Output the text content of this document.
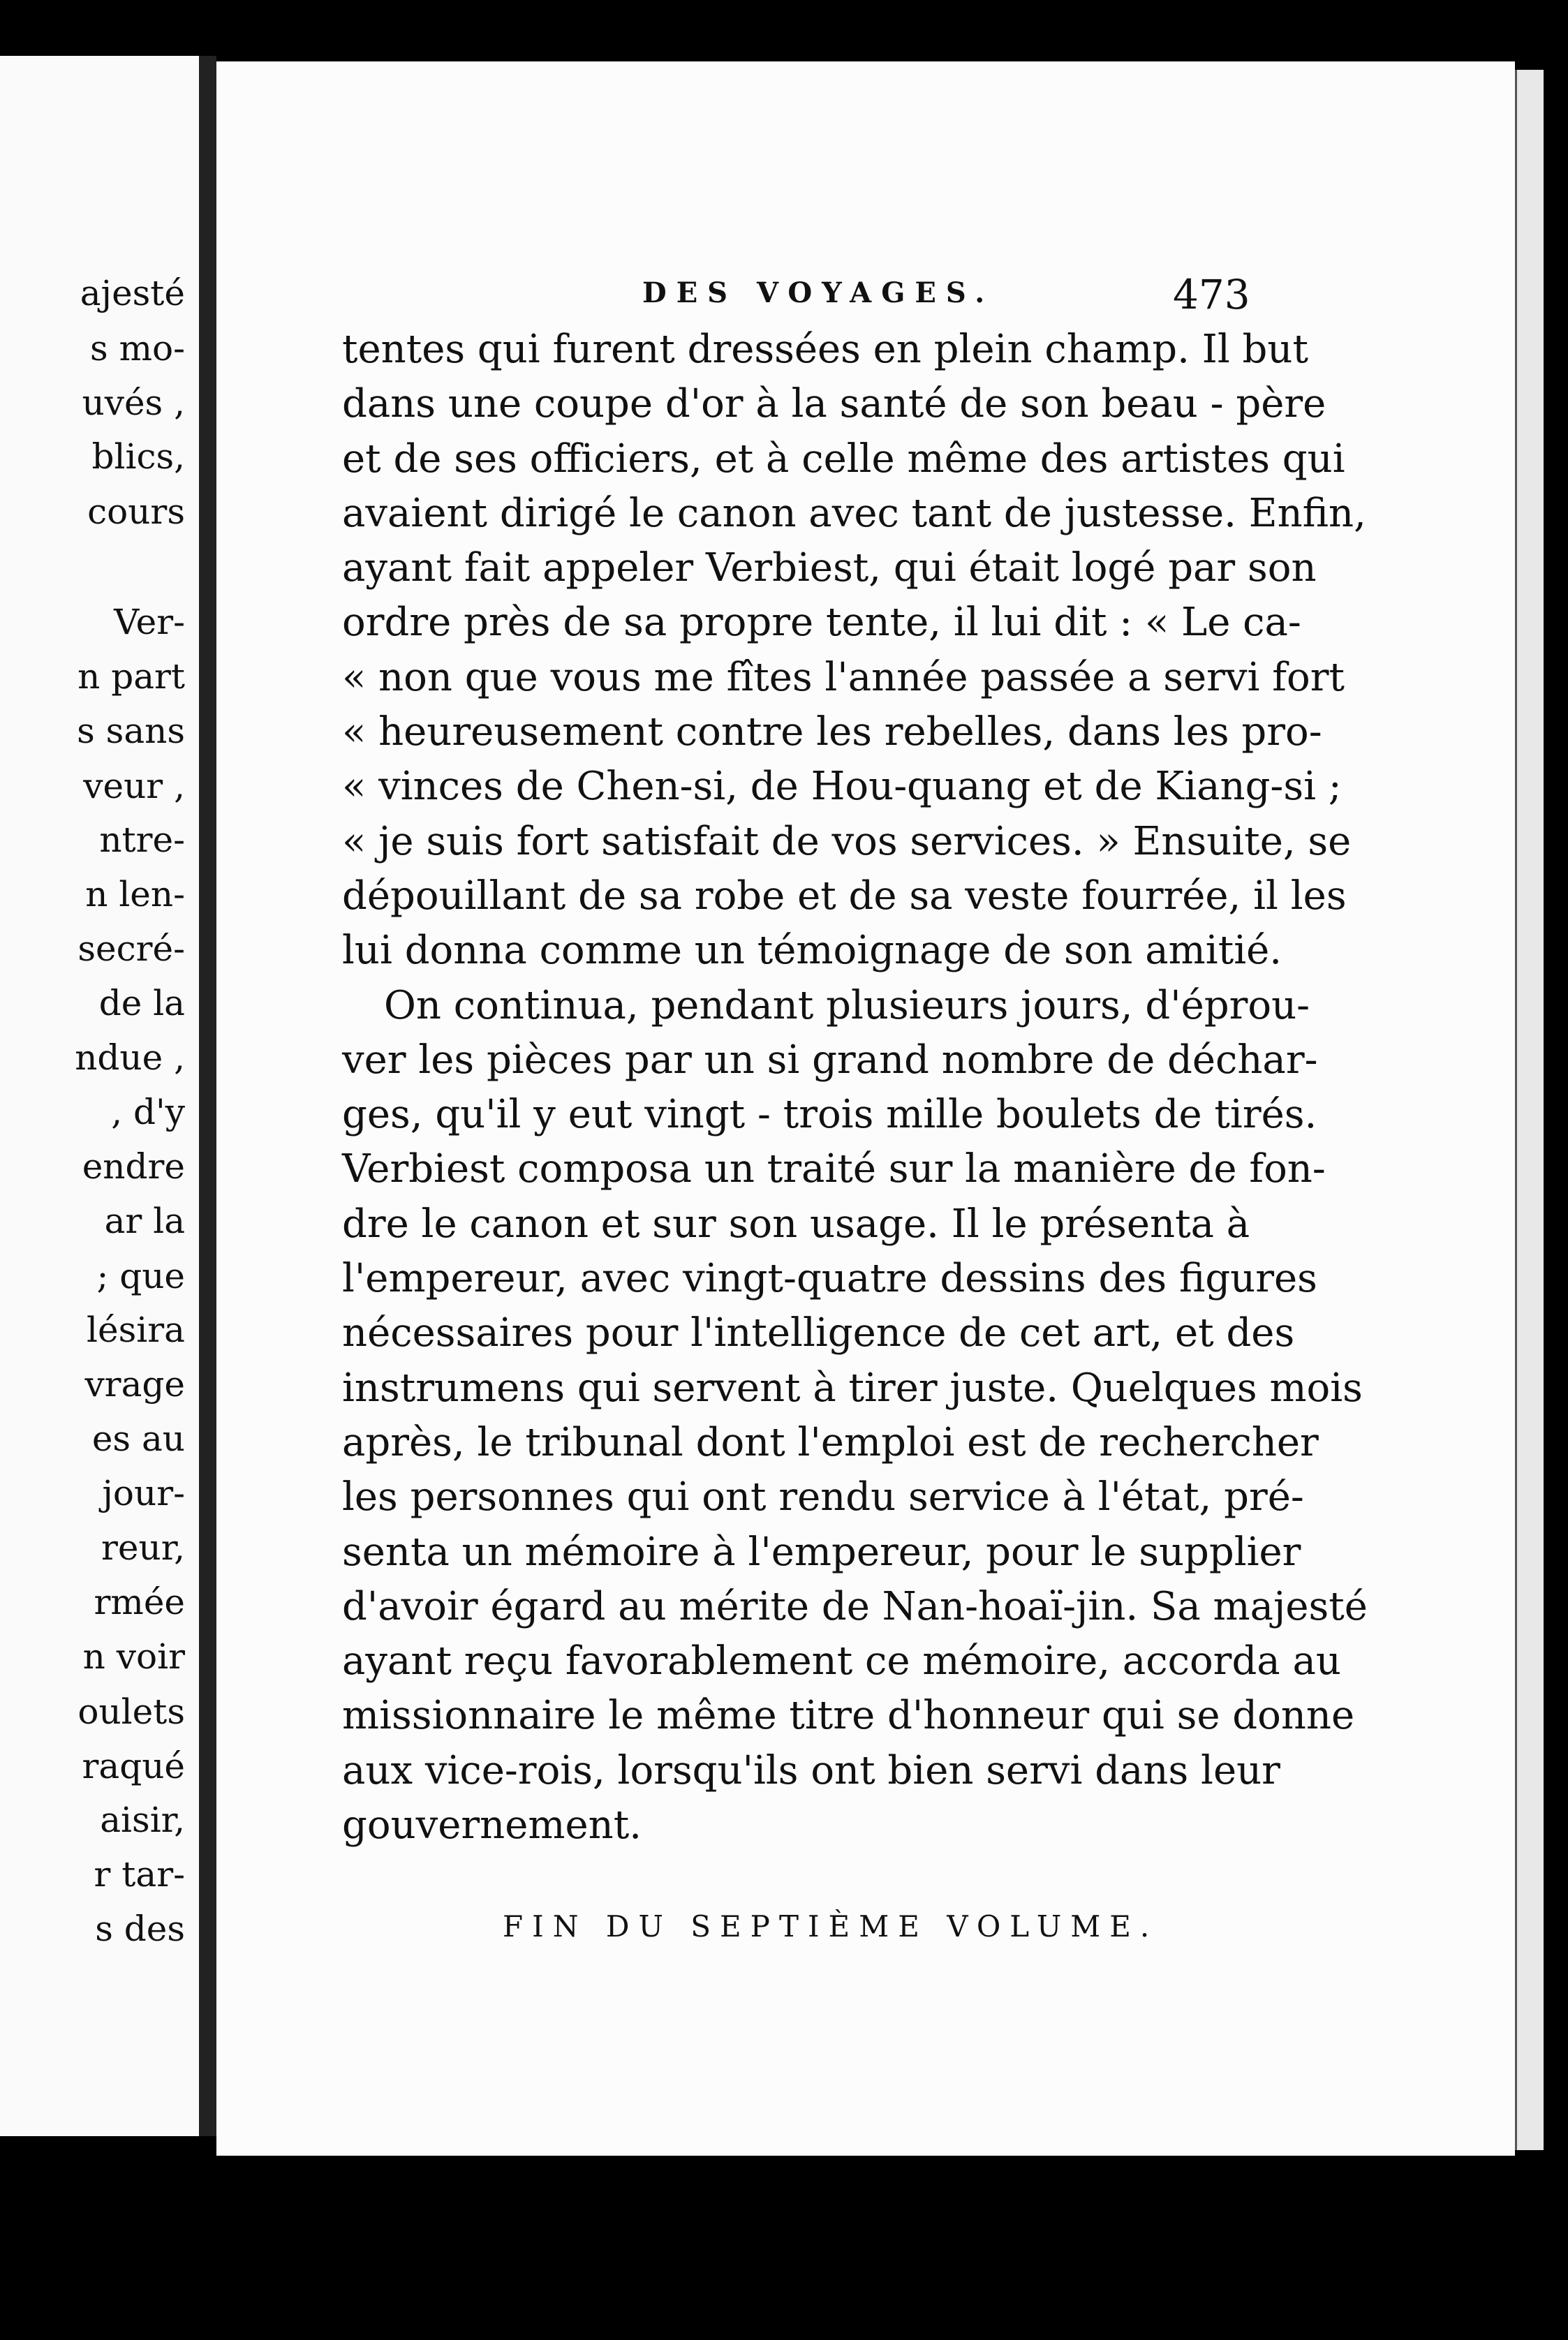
ajesté
s mo-
uvés ,
blics,
cours
Ver-
n part
s sans
veur ,
ntre-
n len-
secré-
de la
ndue ,
, d'y
endre
ar la
; que
lésira
vrage
es au
jour-
reur,
rmée
n voir
oulets
raqué
aisir,
r tar-
s des
DES VOYAGES.	473
tentes qui furent dressées en plein champ. Il but
dans une coupe d'or à la santé de son beau - père
et de ses officiers, et à celle même des artistes qui
avaient dirigé le canon avec tant de justesse. Enfin,
ayant fait appeler Verbiest, qui était logé par son
ordre près de sa propre tente, il lui dit : « Le ca-
« non que vous me fîtes l'année passée a servi fort
« heureusement contre les rebelles, dans les pro-
« vinces de Chen-si, de Hou-quang et de Kiang-si ;
« je suis fort satisfait de vos services. » Ensuite, se
dépouillant de sa robe et de sa veste fourrée, il les
lui donna comme un témoignage de son amitié.
On continua, pendant plusieurs jours, d'éprou-
ver les pièces par un si grand nombre de déchar-
ges, qu'il y eut vingt - trois mille boulets de tirés.
Verbiest composa un traité sur la manière de fon-
dre le canon et sur son usage. Il le présenta à
l'empereur, avec vingt-quatre dessins des figures
nécessaires pour l'intelligence de cet art, et des
instrumens qui servent à tirer juste. Quelques mois
après, le tribunal dont l'emploi est de rechercher
les personnes qui ont rendu service à l'état, pré-
senta un mémoire à l'empereur, pour le supplier
d'avoir égard au mérite de Nan-hoaï-jin. Sa majesté
ayant reçu favorablement ce mémoire, accorda au
missionnaire le même titre d'honneur qui se donne
aux vice-rois, lorsqu'ils ont bien servi dans leur
gouvernement.
FIN DU SEPTIÈME VOLUME.
